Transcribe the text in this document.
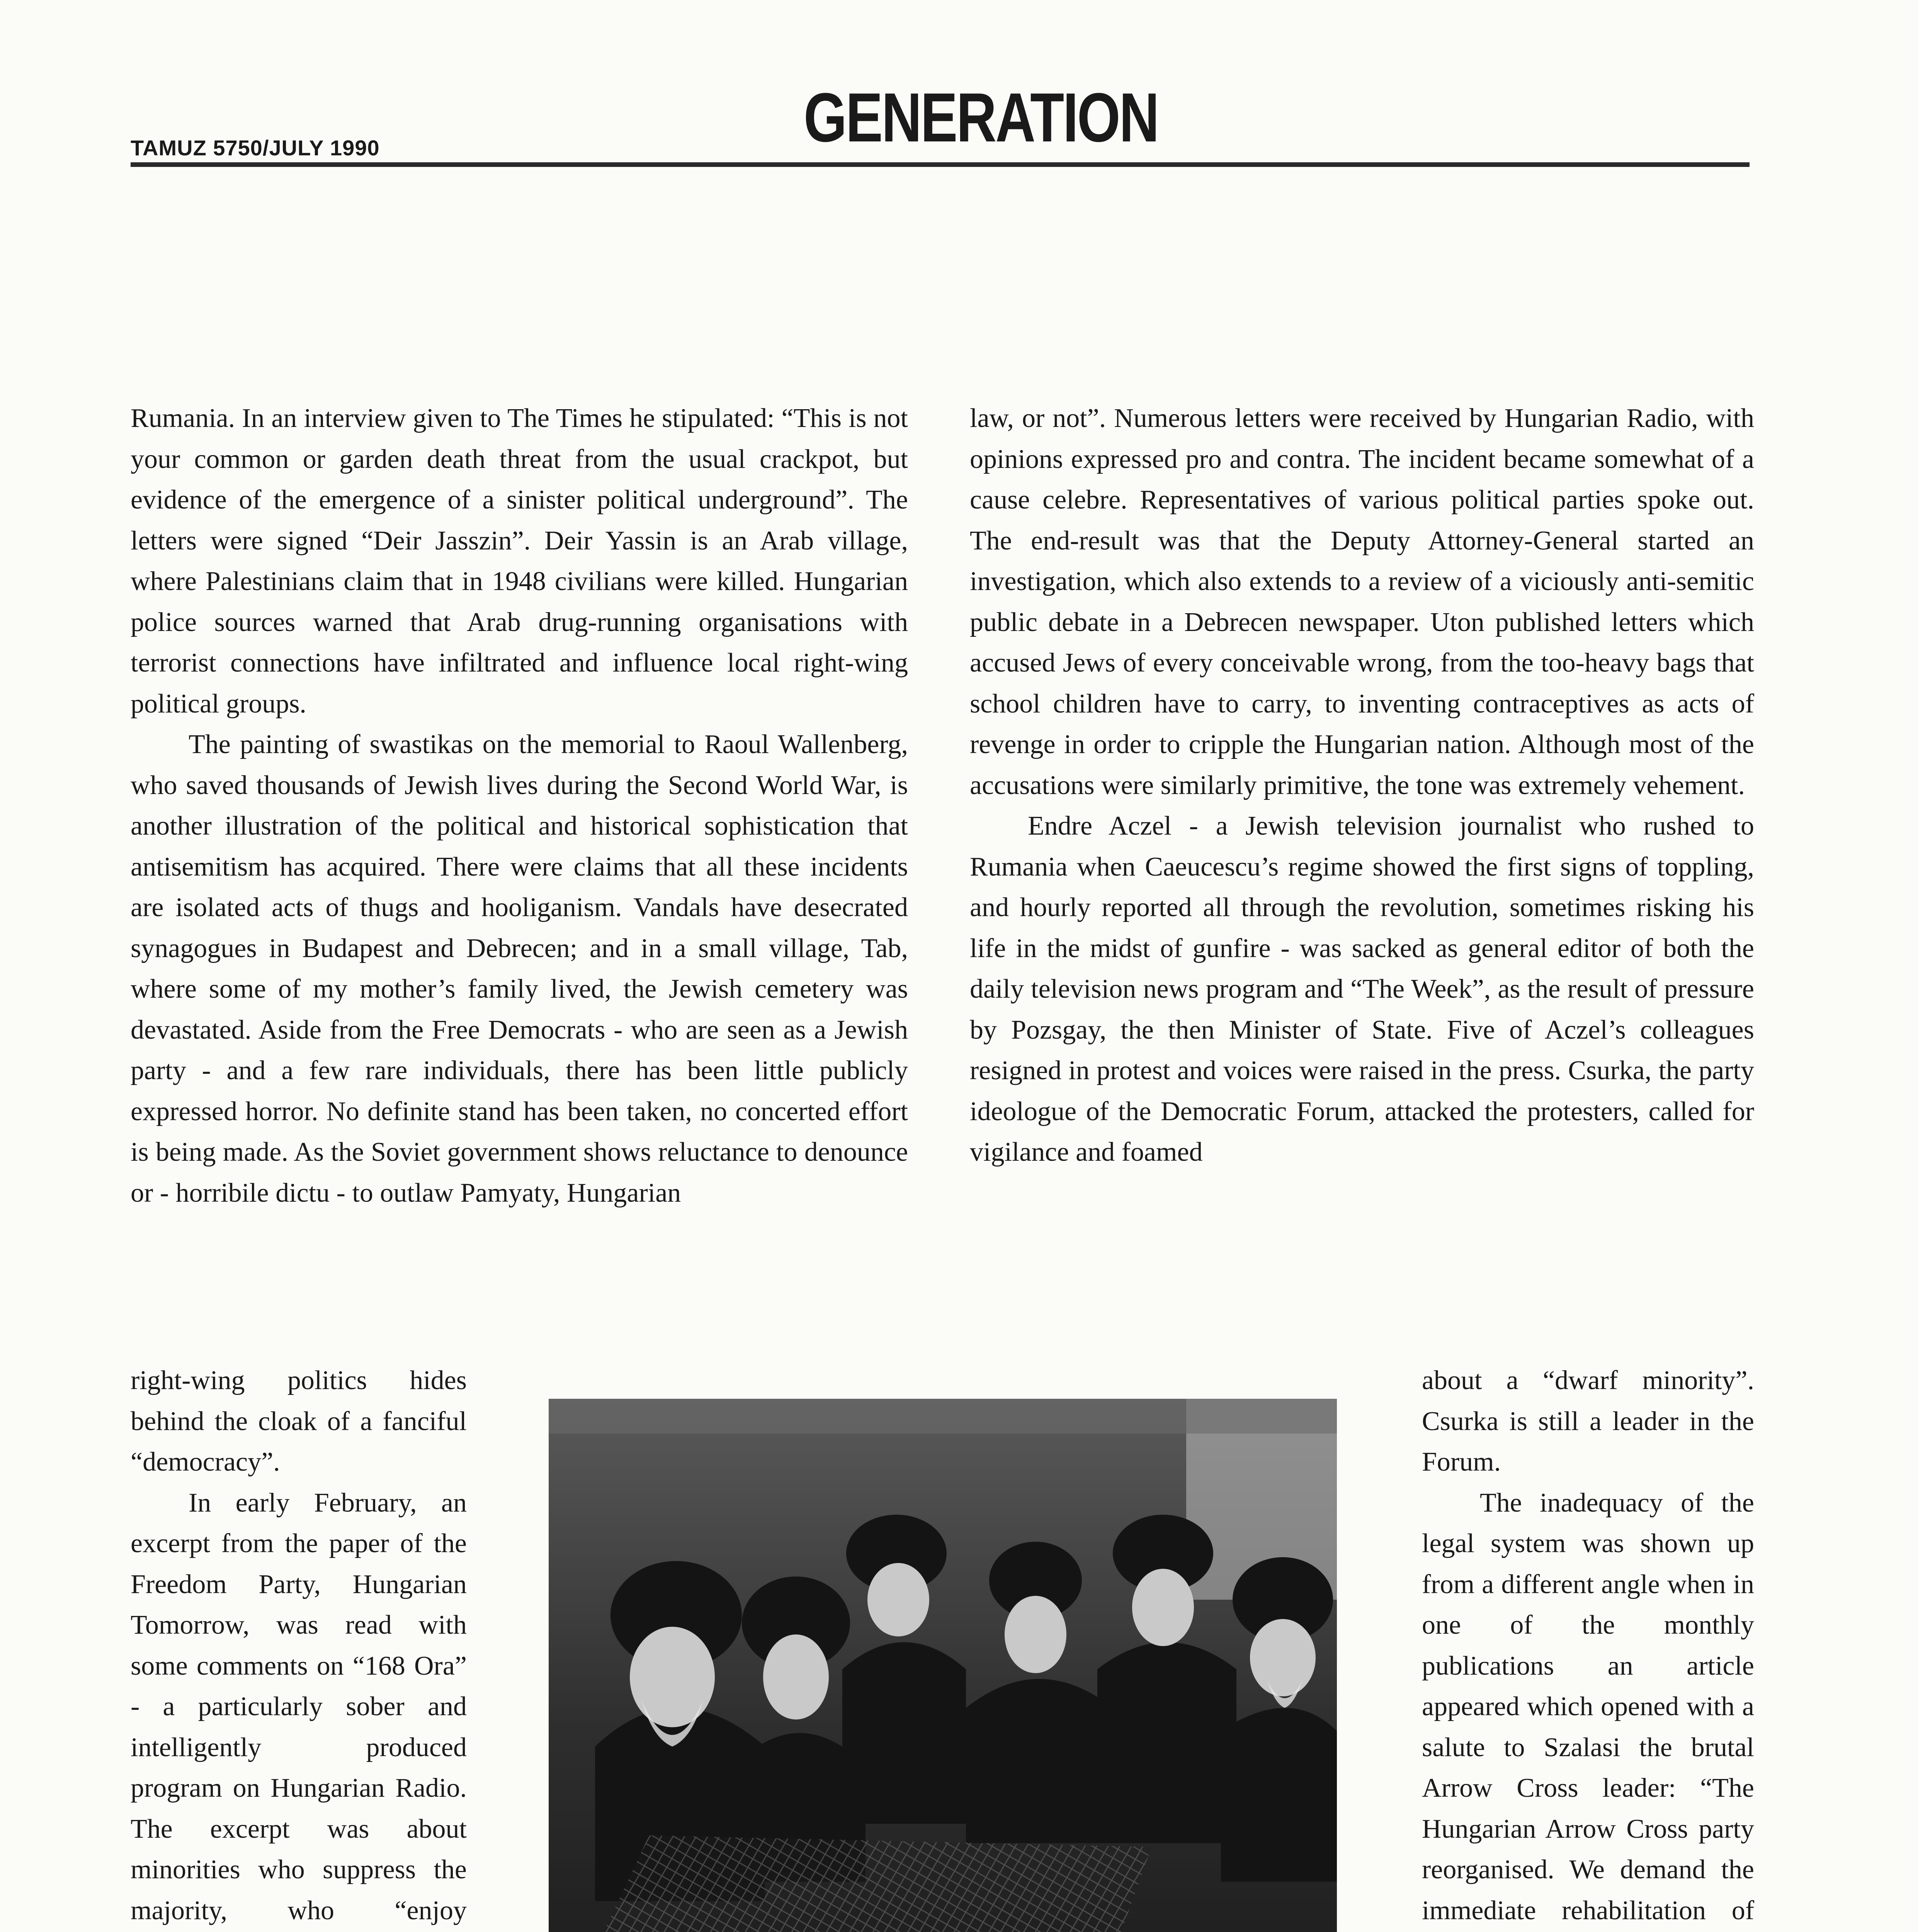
TAMUZ 5750/JULY 1990	GENERATION

Rumania. In an interview given to The Times he stipulated: “This is not your common or garden death threat from the usual crackpot, but evidence of the emergence of a sinister political underground”. The letters were signed “Deir Jasszin”. Deir Yassin is an Arab village, where Palestinians claim that in 1948 civilians were killed. Hungarian police sources warned that Arab drug-running organisations with terrorist connections have infiltrated and influence local right-wing political groups.

The painting of swastikas on the memorial to Raoul Wallenberg, who saved thousands of Jewish lives during the Second World War, is another illustration of the political and historical sophistication that antisemitism has acquired. There were claims that all these incidents are isolated acts of thugs and hooliganism. Vandals have desecrated synagogues in Budapest and Debrecen; and in a small village, Tab, where some of my mother’s family lived, the Jewish cemetery was devastated. Aside from the Free Democrats - who are seen as a Jewish party - and a few rare individuals, there has been little publicly expressed horror. No definite stand has been taken, no concerted effort is being made. As the Soviet government shows reluctance to denounce or - horribile dictu - to outlaw Pamyaty, Hungarian

right-wing politics hides behind the cloak of a fanciful “democracy”.

In early February, an excerpt from the paper of the Freedom Party, Hungarian Tomorrow, was read with some comments on “168 Ora” - a particularly sober and intelligently produced program on Hungarian Radio. The excerpt was about minorities who suppress the majority, who “enjoy

law, or not”. Numerous letters were received by Hungarian Radio, with opinions expressed pro and contra. The incident became somewhat of a cause celebre. Representatives of various political parties spoke out. The end-result was that the Deputy Attorney-General started an investigation, which also extends to a review of a viciously anti-semitic public debate in a Debrecen newspaper. Uton published letters which accused Jews of every conceivable wrong, from the too-heavy bags that school children have to carry, to inventing contraceptives as acts of revenge in order to cripple the Hungarian nation. Although most of the accusations were similarly primitive, the tone was extremely vehement.

Endre Aczel - a Jewish television journalist who rushed to Rumania when Caeucescu’s regime showed the first signs of toppling, and hourly reported all through the revolution, sometimes risking his life in the midst of gunfire - was sacked as general editor of both the daily television news program and “The Week”, as the result of pressure by Pozsgay, the then Minister of State. Five of Aczel’s colleagues resigned in protest and voices were raised in the press. Csurka, the party ideologue of the Democratic Forum, attacked the protesters, called for vigilance and foamed

about a “dwarf minority”. Csurka is still a leader in the Forum.

The inadequacy of the legal system was shown up from a different angle when in one of the monthly publications an article appeared which opened with a salute to Szalasi the brutal Arrow Cross leader: “The Hungarian Arrow Cross party reorganised. We demand the immediate rehabilitation of
